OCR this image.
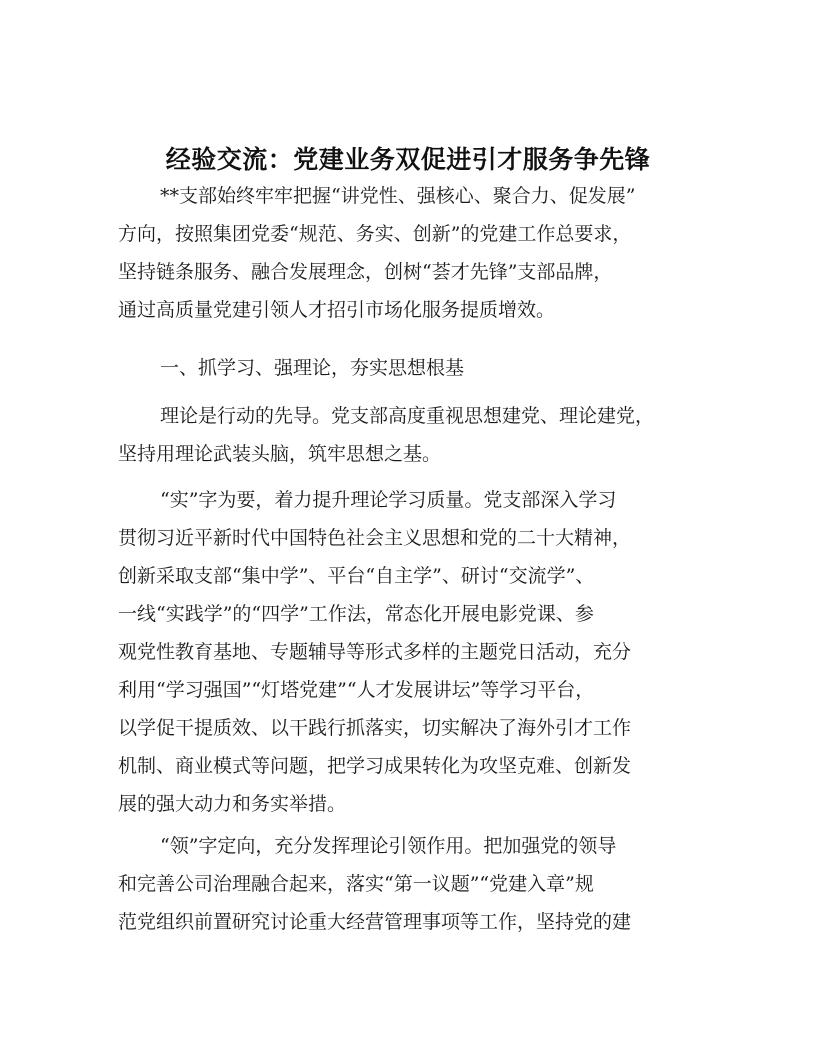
经验交流：党建业务双促进引才服务争先锋
**支部始终牢牢把握“讲党性、强核心、聚合力、促发展”
方向，按照集团党委“规范、务实、创新”的党建工作总要求，
坚持链条服务、融合发展理念，创树“荟才先锋”支部品牌，
通过高质量党建引领人才招引市场化服务提质增效。
一、抓学习、强理论，夯实思想根基
理论是行动的先导。党支部高度重视思想建党、理论建党，
坚持用理论武装头脑，筑牢思想之基。
“实”字为要，着力提升理论学习质量。党支部深入学习
贯彻习近平新时代中国特色社会主义思想和党的二十大精神，
创新采取支部“集中学”、平台“自主学”、研讨“交流学”、
一线“实践学”的“四学”工作法，常态化开展电影党课、参
观党性教育基地、专题辅导等形式多样的主题党日活动，充分
利用“学习强国”“灯塔党建”“人才发展讲坛”等学习平台，
以学促干提质效、以干践行抓落实，切实解决了海外引才工作
机制、商业模式等问题，把学习成果转化为攻坚克难、创新发
展的强大动力和务实举措。
“领”字定向，充分发挥理论引领作用。把加强党的领导
和完善公司治理融合起来，落实“第一议题”“党建入章”规
范党组织前置研究讨论重大经营管理事项等工作，坚持党的建
